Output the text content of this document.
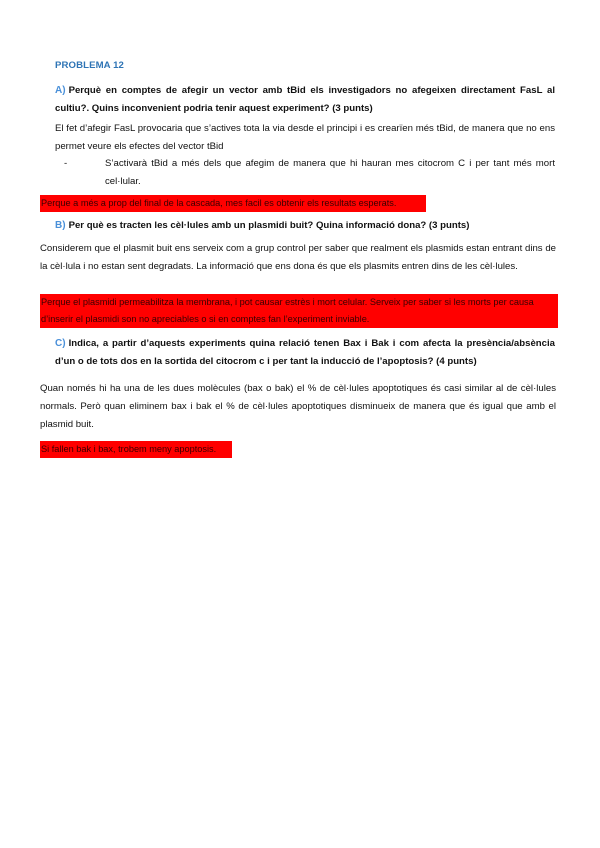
PROBLEMA 12
A) Perquè en comptes de afegir un vector amb tBid els investigadors no afegeixen directament FasL al cultiu?. Quins inconvenient podria tenir aquest experiment? (3 punts)
El fet d’afegir FasL provocaria que s’actives tota la via desde el principi i es crearïen més tBid, de manera que no ens permet veure els efectes del vector tBid
-	S’activarà tBid a més dels que afegim de manera que hi hauran mes citocrom C i per tant més mort cel·lular.
Perque a més a prop del final de la cascada, mes facil es obtenir els resultats esperats.
B) Per què es tracten les cèl·lules amb un plasmidi buit? Quina informació dona? (3 punts)
Considerem que el plasmit buit ens serveix com a grup control per saber que realment els plasmids estan entrant dins de la cèl·lula i no estan sent degradats. La informació que ens dona és que els plasmits entren dins de les cèl·lules.
Perque el plasmidi permeabilitza la membrana, i pot causar estrès i mort celular. Serveix per saber si les morts per causa d’inserir el plasmidi son no apreciables o si en comptes fan l’experiment inviable.
C) Indica, a partir d’aquests experiments quina relació tenen Bax i Bak i com afecta la presència/absència d’un o de tots dos en la sortida del citocrom c i per tant la inducció de l’apoptosis? (4 punts)
Quan només hi ha una de les dues molècules (bax o bak) el % de cèl·lules apoptotiques és casi similar al de cèl·lules normals. Però quan eliminem bax i bak el % de cèl·lules apoptotiques disminueix de manera que és igual que amb el plasmid buit.
Si fallen bak i bax, trobem meny apoptosis.
